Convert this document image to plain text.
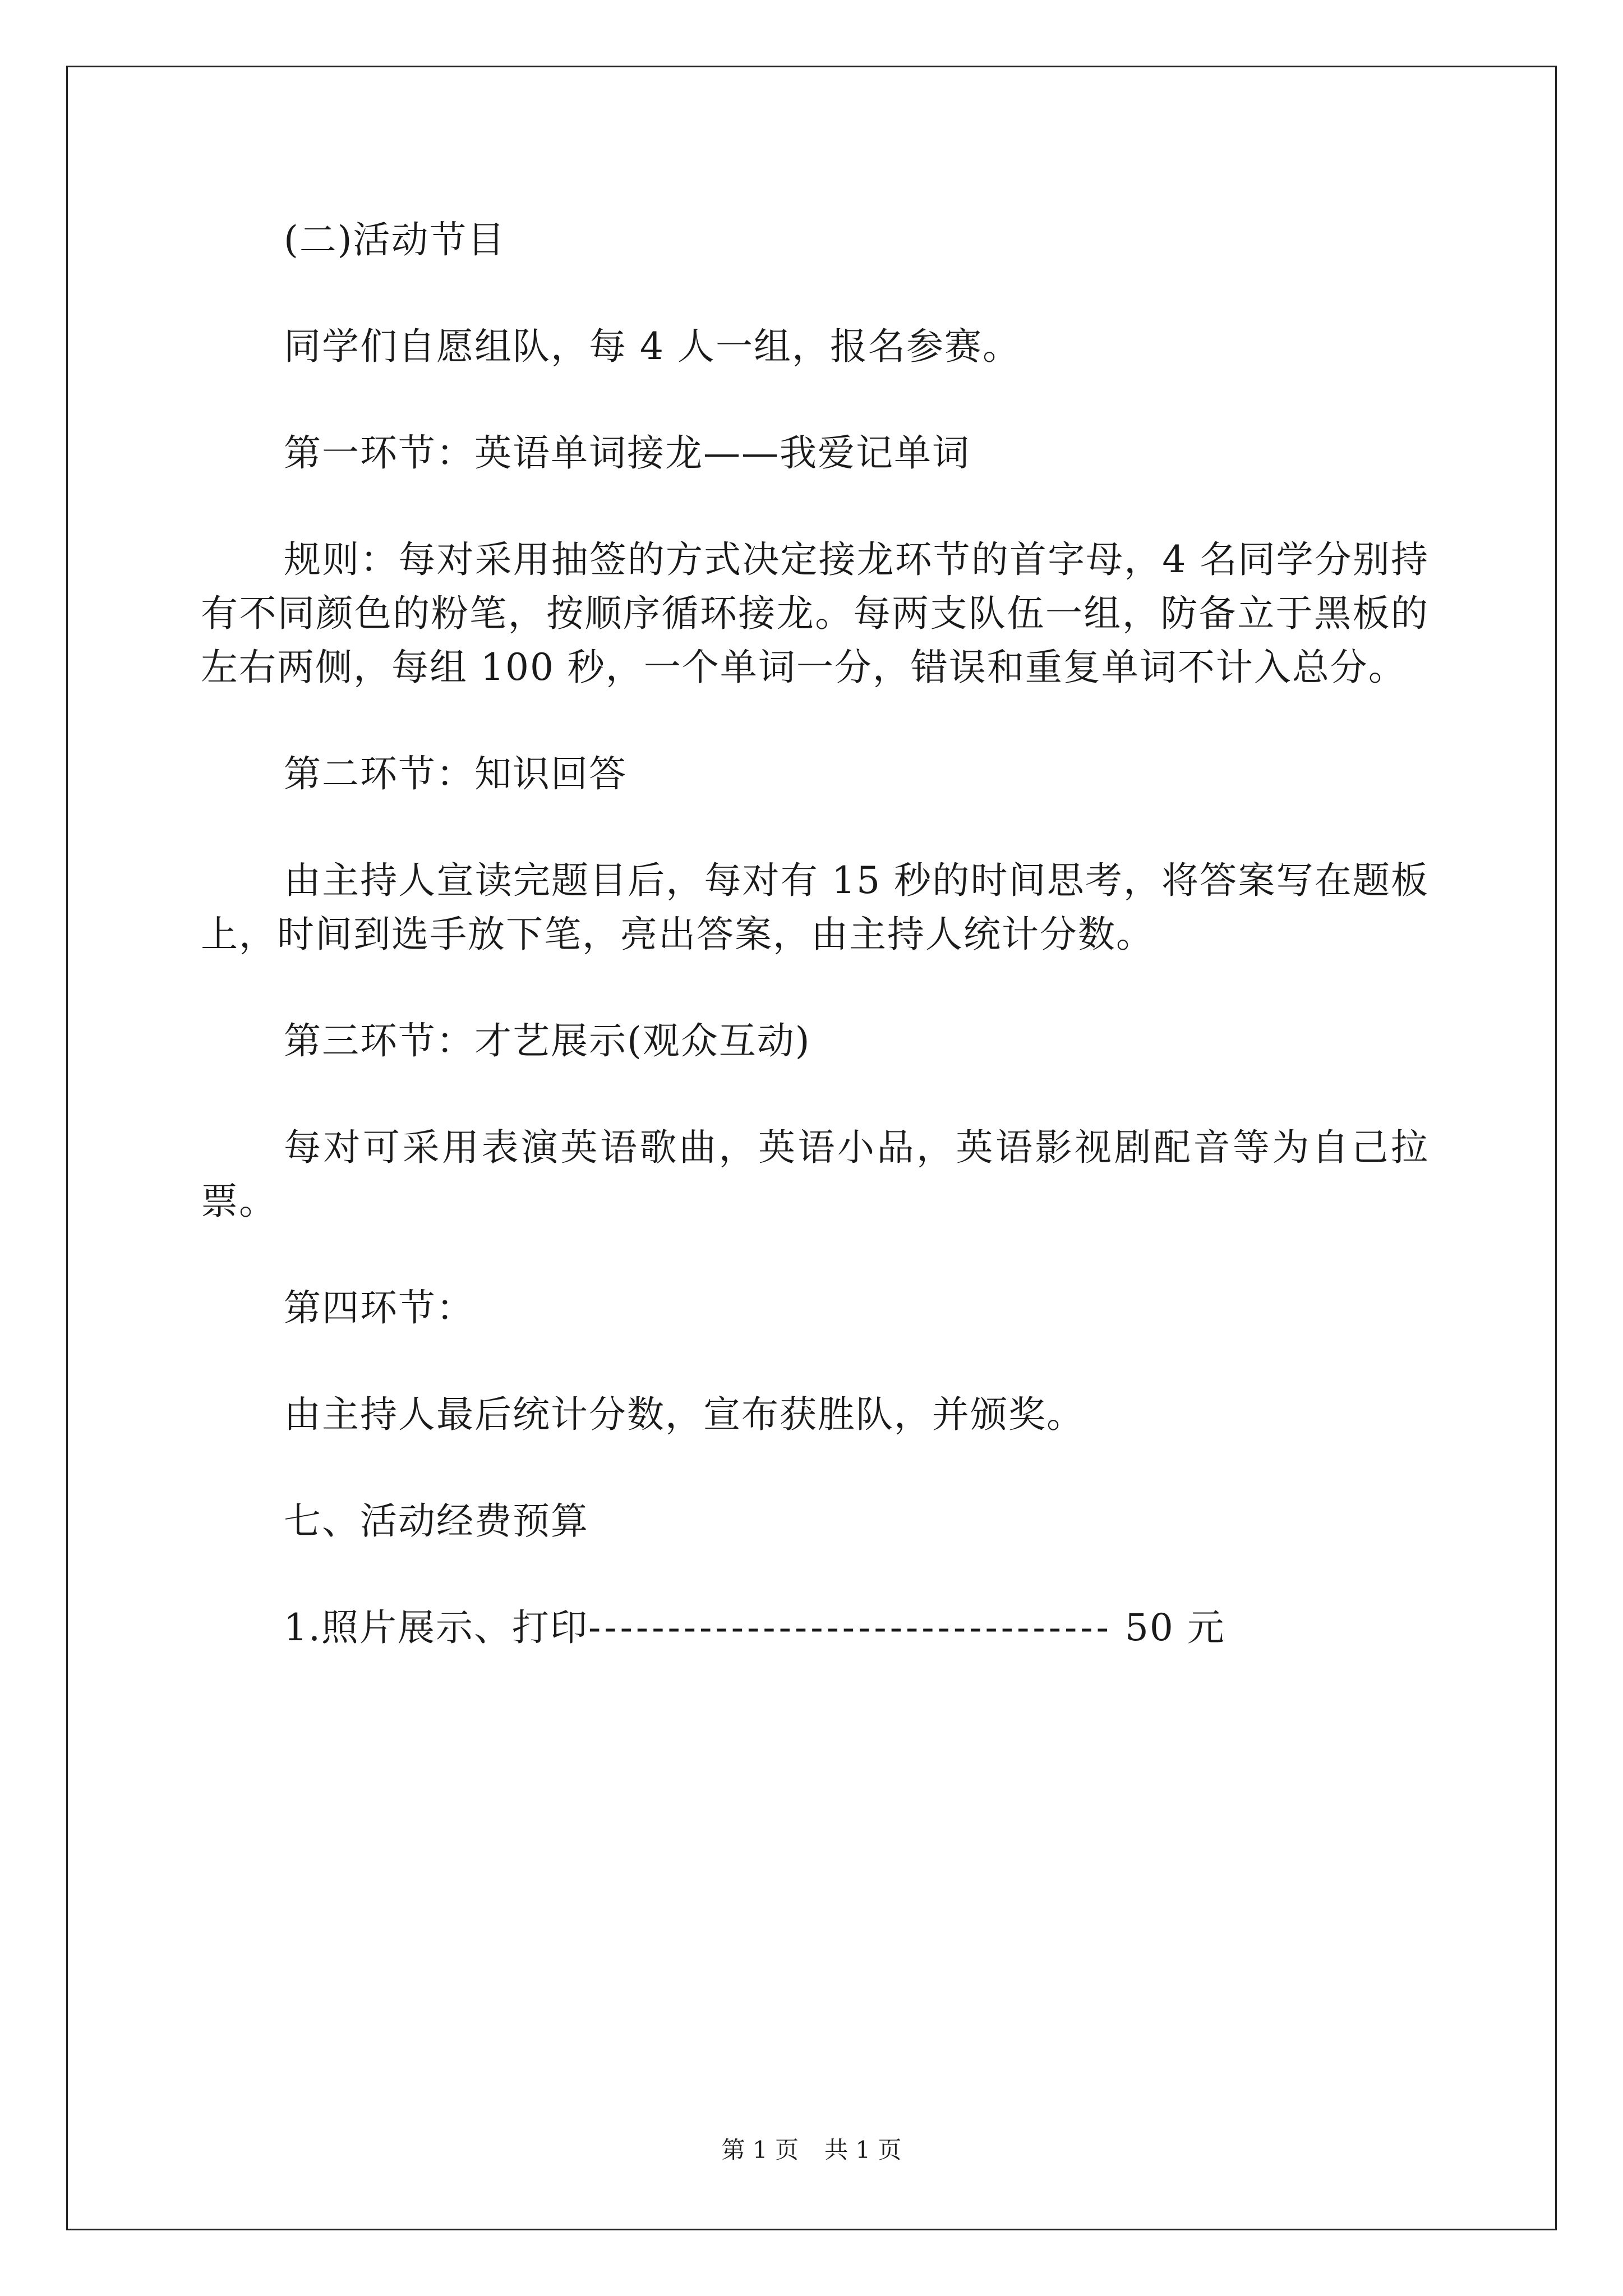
(二)活动节目

同学们自愿组队，每 4 人一组，报名参赛。

第一环节：英语单词接龙——我爱记单词

规则：每对采用抽签的方式决定接龙环节的首字母，4 名同学分别持有不同颜色的粉笔，按顺序循环接龙。每两支队伍一组，防备立于黑板的左右两侧，每组 100 秒，一个单词一分，错误和重复单词不计入总分。

第二环节：知识回答

由主持人宣读完题目后，每对有 15 秒的时间思考，将答案写在题板上，时间到选手放下笔，亮出答案，由主持人统计分数。

第三环节：才艺展示(观众互动)

每对可采用表演英语歌曲，英语小品，英语影视剧配音等为自己拉票。

第四环节：

由主持人最后统计分数，宣布获胜队，并颁奖。

七、活动经费预算

1.照片展示、打印--------------------------------- 50 元

第 1 页 共 1 页
